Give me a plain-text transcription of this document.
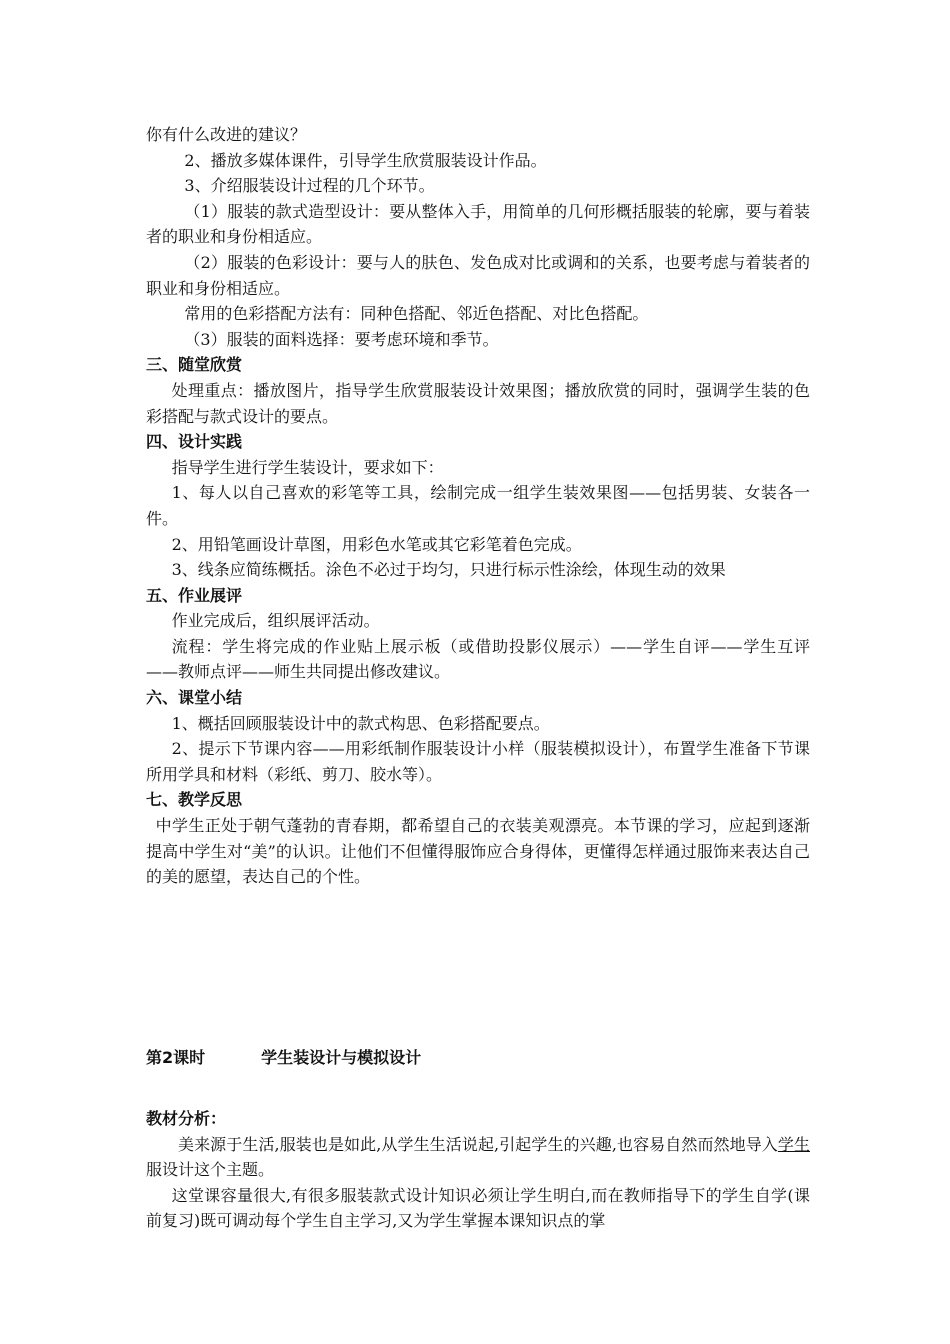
你有什么改进的建议？

2、播放多媒体课件，引导学生欣赏服装设计作品。

3、介绍服装设计过程的几个环节。

（1）服装的款式造型设计：要从整体入手，用简单的几何形概括服装的轮廓，要与着装者的职业和身份相适应。

（2）服装的色彩设计：要与人的肤色、发色成对比或调和的关系，也要考虑与着装者的职业和身份相适应。

常用的色彩搭配方法有：同种色搭配、邻近色搭配、对比色搭配。

（3）服装的面料选择：要考虑环境和季节。

三、随堂欣赏

处理重点：播放图片，指导学生欣赏服装设计效果图；播放欣赏的同时，强调学生装的色彩搭配与款式设计的要点。

四、设计实践

指导学生进行学生装设计，要求如下：

1、每人以自己喜欢的彩笔等工具，绘制完成一组学生装效果图——包括男装、女装各一件。

2、用铅笔画设计草图，用彩色水笔或其它彩笔着色完成。

3、线条应简练概括。涂色不必过于均匀，只进行标示性涂绘，体现生动的效果

五、作业展评

作业完成后，组织展评活动。

流程：学生将完成的作业贴上展示板（或借助投影仪展示）——学生自评——学生互评——教师点评——师生共同提出修改建议。

六、课堂小结

1、概括回顾服装设计中的款式构思、色彩搭配要点。

2、提示下节课内容——用彩纸制作服装设计小样（服装模拟设计），布置学生准备下节课所用学具和材料（彩纸、剪刀、胶水等）。

七、教学反思

中学生正处于朝气蓬勃的青春期，都希望自己的衣装美观漂亮。本节课的学习，应起到逐渐提高中学生对“美”的认识。让他们不但懂得服饰应合身得体，更懂得怎样通过服饰来表达自己的美的愿望，表达自己的个性。

第2课时	学生装设计与模拟设计

教材分析：

美来源于生活,服装也是如此,从学生生活说起,引起学生的兴趣,也容易自然而然地导入学生服设计这个主题。

这堂课容量很大,有很多服装款式设计知识必须让学生明白,而在教师指导下的学生自学(课前复习)既可调动每个学生自主学习,又为学生掌握本课知识点的掌
